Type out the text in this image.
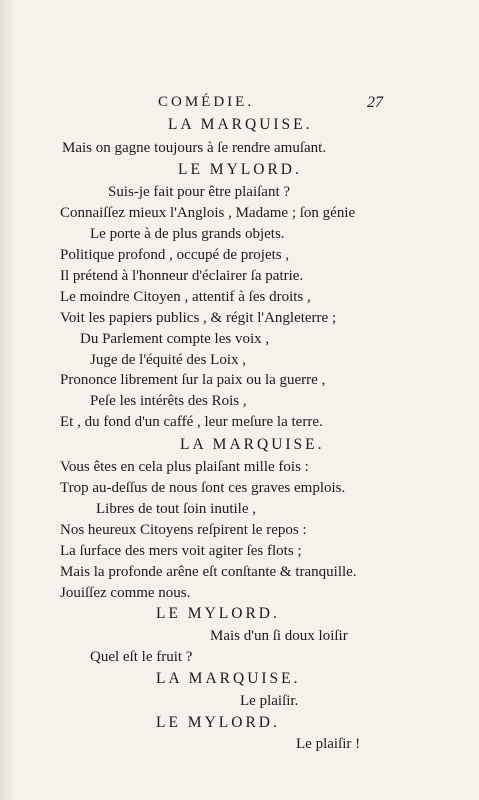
COMÉDIE.	27
LA MARQUISE.
Mais on gagne toujours à ſe rendre amuſant.
LE MYLORD.
Suis-je fait pour être plaiſant ?
Connaiſſez mieux l'Anglois , Madame ; ſon génie
Le porte à de plus grands objets.
Politique profond , occupé de projets ,
Il prétend à l'honneur d'éclairer ſa patrie.
Le moindre Citoyen , attentif à ſes droits ,
Voit les papiers publics , & régit l'Angleterre ;
Du Parlement compte les voix ,
Juge de l'équité des Loix ,
Prononce librement ſur la paix ou la guerre ,
Peſe les intérêts des Rois ,
Et , du fond d'un caffé , leur meſure la terre.
LA MARQUISE.
Vous êtes en cela plus plaiſant mille fois :
Trop au-deſſus de nous ſont ces graves emplois.
Libres de tout ſoin inutile ,
Nos heureux Citoyens reſpirent le repos :
La ſurface des mers voit agiter ſes flots ;
Mais la profonde arêne eſt conſtante & tranquille.
Jouiſſez comme nous.
LE MYLORD.
Mais d'un ſi doux loiſir
Quel eſt le fruit ?
LA MARQUISE.
Le plaiſir.
LE MYLORD.
Le plaiſir !
